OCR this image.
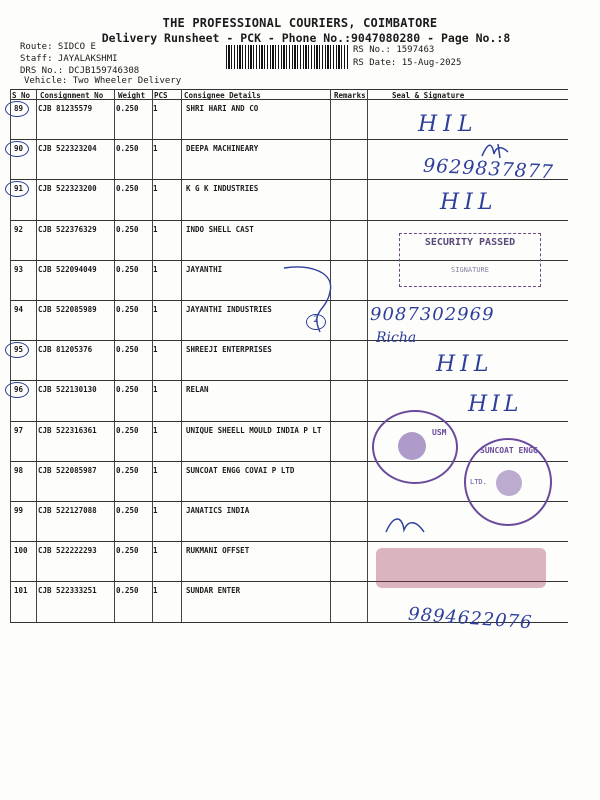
THE PROFESSIONAL COURIERS, COIMBATORE
Delivery Runsheet - PCK - Phone No.:9047080280 - Page No.:8
Route: SIDCO E
Staff: JAYALAKSHMI
DRS No.: DCJB159746308
Vehicle: Two Wheeler Delivery
RS No.: 1597463
RS Date: 15-Aug-2025
S No Consignment No Weight PCS Consignee Details	Remarks	Seal & Signature
89 CJB 81235579	0.250 1	SHRI HARI AND CO
90 CJB 522323204	0.250 1	DEEPA MACHINEARY
91 CJB 522323200	0.250 1	K G K INDUSTRIES
92 CJB 522376329	0.250 1	INDO SHELL CAST
93 CJB 522094049	0.250 1	JAYANTHI
94 CJB 522085989	0.250 1	JAYANTHI INDUSTRIES
95 CJB 81205376	0.250 1	SHREEJI ENTERPRISES
96 CJB 522130130	0.250 1	RELAN
97 CJB 522316361	0.250 1	UNIQUE SHEELL MOULD INDIA P LT
98 CJB 522085987	0.250 1	SUNCOAT ENGG COVAI P LTD
99 CJB 522127088	0.250 1	JANATICS INDIA
100 CJB 522222293	0.250 1	RUKMANI OFFSET
101 CJB 522333251	0.250 1	SUNDAR ENTER
HIL
9629837877
HIL
SECURITY PASSED
SIGNATURE
2	9087302969
Richa
HIL
HIL
USM
SUNCOAT ENGG
LTD.
9894622076
